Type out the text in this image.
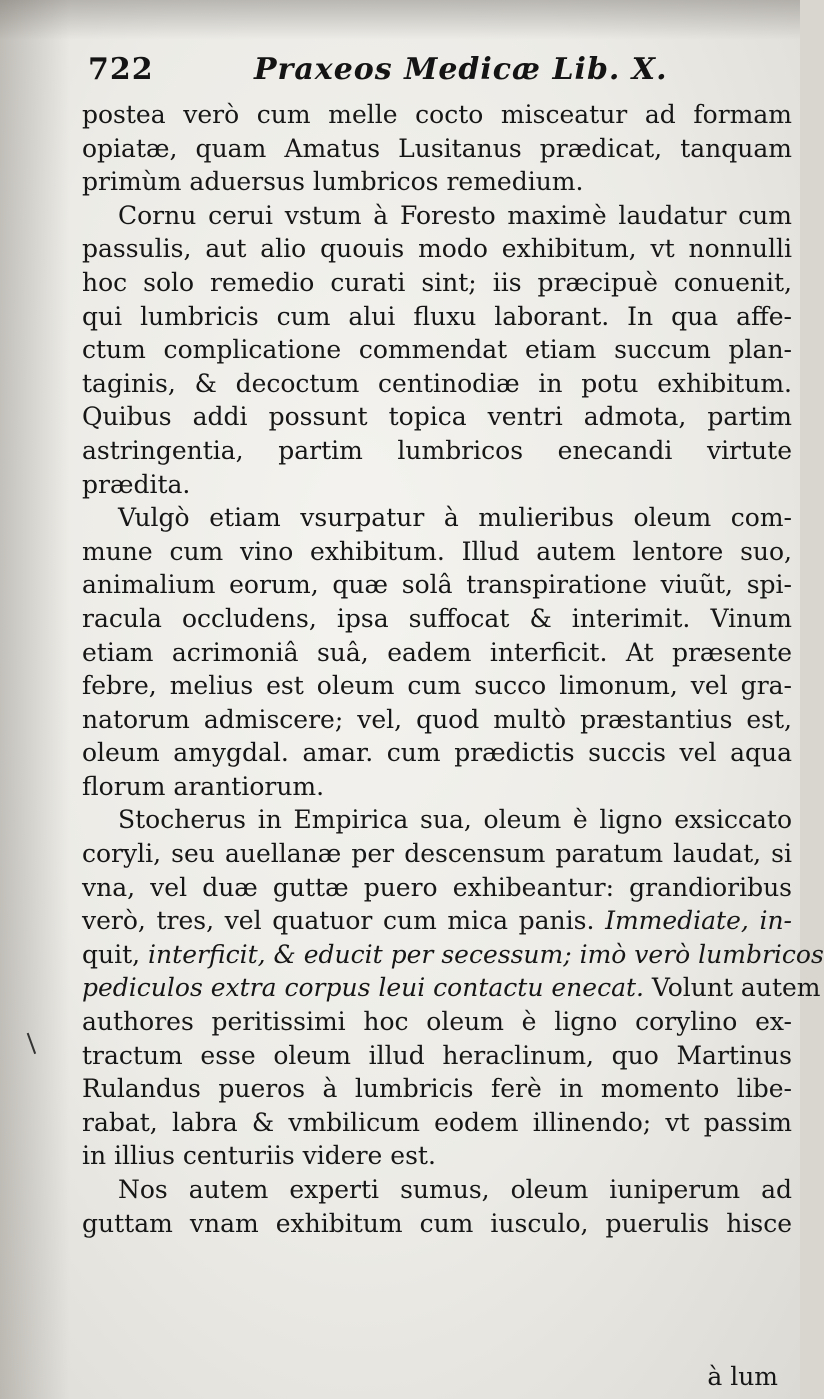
722	Praxeos Medicæ Lib. X.
postea verò cum melle cocto misceatur ad formam
opiatæ, quam Amatus Lusitanus prædicat, tanquam
primùm aduersus lumbricos remedium.
Cornu cerui vstum à Foresto maximè laudatur cum
passulis, aut alio quouis modo exhibitum, vt nonnulli
hoc solo remedio curati sint; iis præcipuè conuenit,
qui lumbricis cum alui fluxu laborant. In qua affe-
ctum complicatione commendat etiam succum plan-
taginis, & decoctum centinodiæ in potu exhibitum.
Quibus addi possunt topica ventri admota, partim
astringentia, partim lumbricos enecandi virtute
prædita.
Vulgò etiam vsurpatur à mulieribus oleum com-
mune cum vino exhibitum. Illud autem lentore suo,
animalium eorum, quæ solâ transpiratione viuũt, spi-
racula occludens, ipsa suffocat & interimit. Vinum
etiam acrimoniâ suâ, eadem interficit. At præsente
febre, melius est oleum cum succo limonum, vel gra-
natorum admiscere; vel, quod multò præstantius est,
oleum amygdal. amar. cum prædictis succis vel aqua
florum arantiorum.
Stocherus in Empirica sua, oleum è ligno exsiccato
coryli, seu auellanæ per descensum paratum laudat, si
vna, vel duæ guttæ puero exhibeantur: grandioribus
verò, tres, vel quatuor cum mica panis. Immediate, in-
quit, interficit, & educit per secessum; imò verò lumbricos
pediculos extra corpus leui contactu enecat. Volunt autem
authores peritissimi hoc oleum è ligno corylino ex-
tractum esse oleum illud heraclinum, quo Martinus
Rulandus pueros à lumbricis ferè in momento libe-
rabat, labra & vmbilicum eodem illinendo; vt passim
in illius centuriis videre est.
Nos autem experti sumus, oleum iuniperum ad
guttam vnam exhibitum cum iusculo, puerulis hisce
à lum
